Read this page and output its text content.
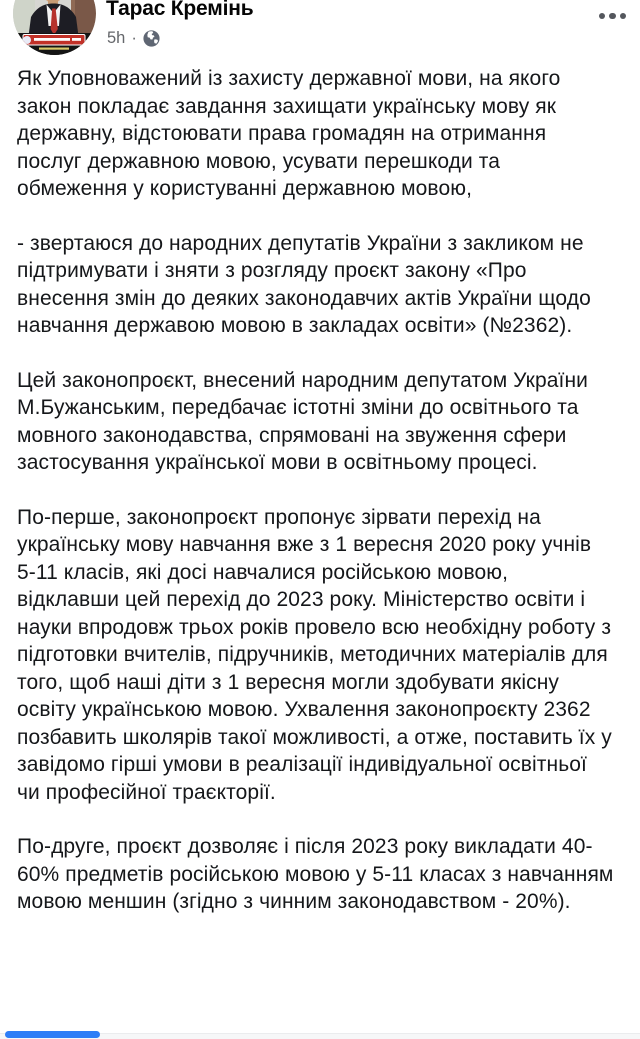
Тарас Кремінь
5h ·

Як Уповноважений із захисту державної мови, на якого закон покладає завдання захищати українську мову як державну, відстоювати права громадян на отримання послуг державною мовою, усувати перешкоди та обмеження у користуванні державною мовою,

- звертаюся до народних депутатів України з закликом не підтримувати і зняти з розгляду проєкт закону «Про внесення змін до деяких законодавчих актів України щодо навчання державою мовою в закладах освіти» (№2362).

Цей законопроєкт, внесений народним депутатом України М.Бужанським, передбачає істотні зміни до освітнього та мовного законодавства, спрямовані на звуження сфери застосування української мови в освітньому процесі.

По-перше, законопроєкт пропонує зірвати перехід на українську мову навчання вже з 1 вересня 2020 року учнів 5-11 класів, які досі навчалися російською мовою, відклавши цей перехід до 2023 року. Міністерство освіти і науки впродовж трьох років провело всю необхідну роботу з підготовки вчителів, підручників, методичних матеріалів для того, щоб наші діти з 1 вересня могли здобувати якісну освіту українською мовою. Ухвалення законопроєкту 2362 позбавить школярів такої можливості, а отже, поставить їх у завідомо гірші умови в реалізації індивідуальної освітньої чи професійної траєкторії.

По-друге, проєкт дозволяє і після 2023 року викладати 40-60% предметів російською мовою у 5-11 класах з навчанням мовою меншин (згідно з чинним законодавством - 20%).
